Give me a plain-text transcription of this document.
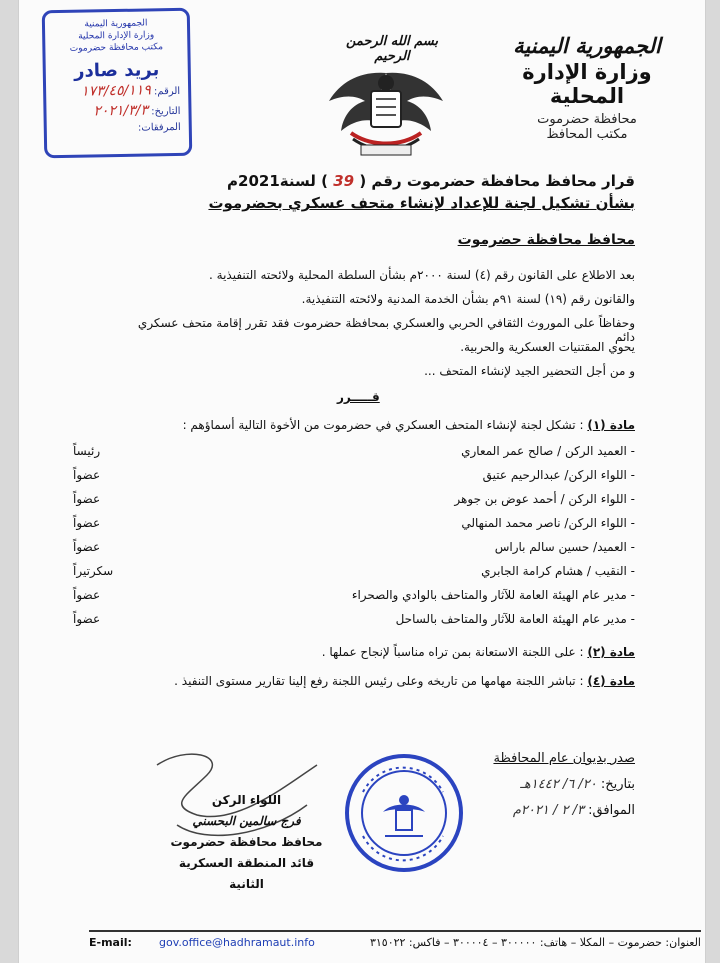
الجمهورية اليمنية
وزارة الإدارة المحلية
مكتب محافظة حضرموت
بريد صادر
الرقم: ١٧٣/٤٥/١١٩
التاريخ: ٢٠٢١/٣/٣
المرفقات:
بسم الله الرحمن الرحيم	الجمهورية اليمنية
وزارة الإدارة المحلية
محافظة حضرموت
مكتب المحافظ
قرار محافظ محافظة حضرموت رقم ( 39 ) لسنة2021م
بشأن تشكيل لجنة للإعداد لإنشاء متحف عسكري بحضرموت
محافظ محافظة حضرموت
بعد الاطلاع على القانون رقم (٤) لسنة ٢٠٠٠م بشأن السلطة المحلية ولائحته التنفيذية .
والقانون رقم (١٩) لسنة ٩١م بشأن الخدمة المدنية ولائحته التنفيذية.
وحفاظاً على الموروث الثقافي الحربي والعسكري بمحافظة حضرموت فقد تقرر إقامة متحف عسكري دائم
يحوي المقتنيات العسكرية والحربية.
و من أجل التحضير الجيد لإنشاء المتحف ...
قـــــرر
مادة (١) : تشكل لجنة لإنشاء المتحف العسكري في حضرموت من الأخوة التالية أسماؤهم :
- العميد الركن / صالح عمر المعاري
رئيساً
- اللواء الركن/ عبدالرحيم عتيق
عضواً
- اللواء الركن / أحمد عوض بن جوهر
عضواً
- اللواء الركن/ ناصر محمد المنهالي
عضواً
- العميد/ حسين سالم باراس
عضواً
- النقيب / هشام كرامة الجابري
سكرتيراً
- مدير عام الهيئة العامة للآثار والمتاحف بالوادي والصحراء
عضواً
- مدير عام الهيئة العامة للآثار والمتاحف بالساحل
عضواً
مادة (٢) : على اللجنة الاستعانة بمن تراه مناسباً لإنجاح عملها .
مادة (٤) : تباشر اللجنة مهامها من تاريخه وعلى رئيس اللجنة رفع إلينا تقارير مستوى التنفيذ .
صدر بديوان عام المحافظة
بتاريخ: ٢٠/ ٦/ ١٤٤٢هـ
الموافق: ٣/ ٢ / ٢٠٢١م
اللواء الركن
فرج سالمين البحسني
محافظ محافظة حضرموت
قائد المنطقة العسكرية الثانية
E-mail: gov.office@hadhramaut.info	العنوان: حضرموت – المكلا – هاتف: ٣٠٠٠٠٠ – ٣٠٠٠٠٤ – فاكس: ٣١٥٠٢٢
